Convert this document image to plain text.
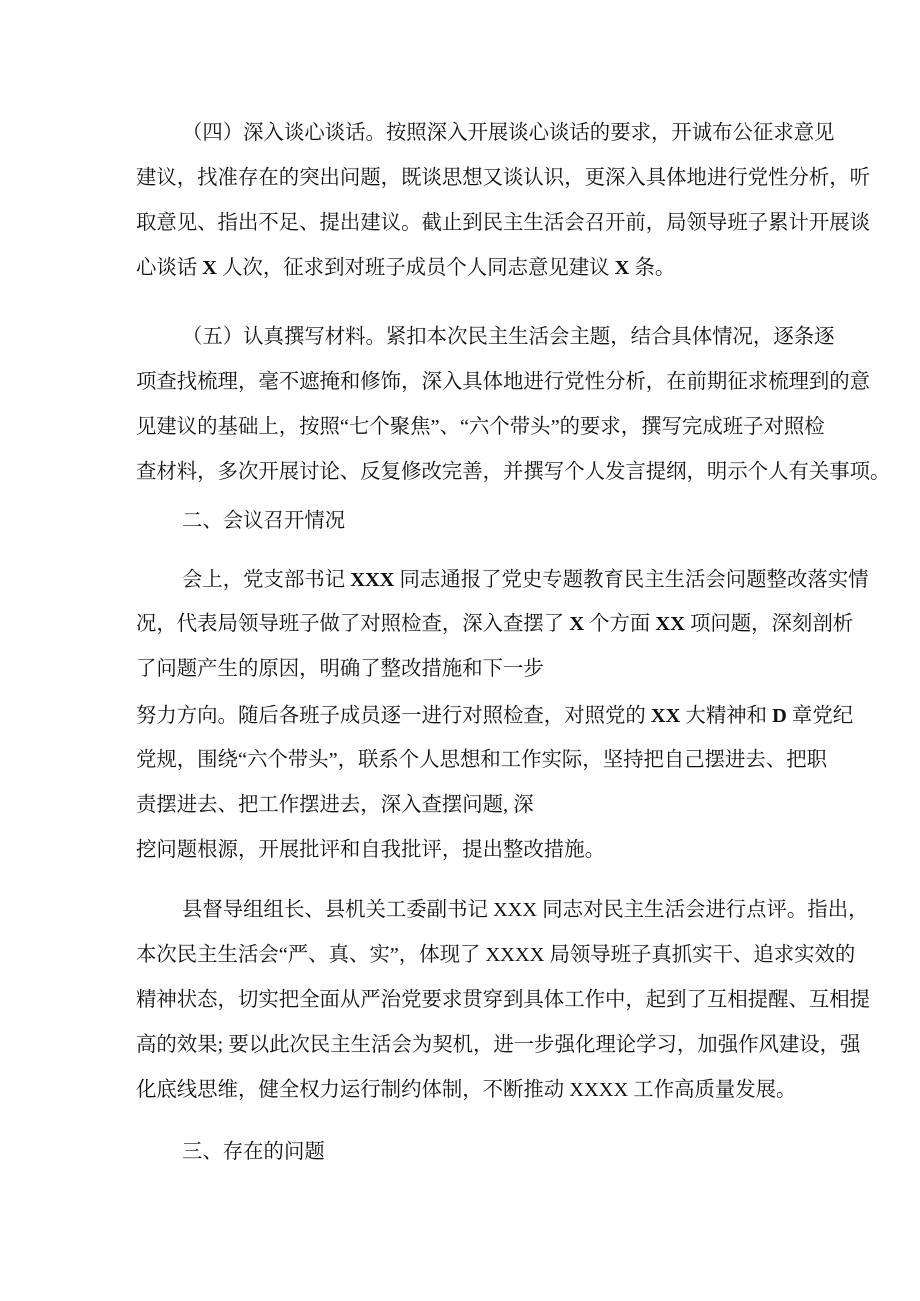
（四）深入谈心谈话。按照深入开展谈心谈话的要求，开诚布公征求意见
建议，找准存在的突出问题，既谈思想又谈认识，更深入具体地进行党性分析，听
取意见、指出不足、提出建议。截止到民主生活会召开前，局领导班子累计开展谈
心谈话 X 人次，征求到对班子成员个人同志意见建议 X 条。
（五）认真撰写材料。紧扣本次民主生活会主题，结合具体情况，逐条逐
项查找梳理，毫不遮掩和修饰，深入具体地进行党性分析，在前期征求梳理到的意
见建议的基础上，按照“七个聚焦”、“六个带头”的要求，撰写完成班子对照检
查材料，多次开展讨论、反复修改完善，并撰写个人发言提纲，明示个人有关事项。
二、会议召开情况
会上，党支部书记 XXX 同志通报了党史专题教育民主生活会问题整改落实情
况，代表局领导班子做了对照检查，深入查摆了 X 个方面 XX 项问题，深刻剖析
了问题产生的原因，明确了整改措施和下一步
努力方向。随后各班子成员逐一进行对照检查，对照党的 XX 大精神和 D 章党纪
党规，围绕“六个带头”，联系个人思想和工作实际，坚持把自己摆进去、把职
责摆进去、把工作摆进去，深入查摆问题, 深
挖问题根源，开展批评和自我批评，提出整改措施。
县督导组组长、县机关工委副书记 XXX 同志对民主生活会进行点评。指出，
本次民主生活会“严、真、实”，体现了 XXXX 局领导班子真抓实干、追求实效的
精神状态，切实把全面从严治党要求贯穿到具体工作中，起到了互相提醒、互相提
高的效果; 要以此次民主生活会为契机，进一步强化理论学习，加强作风建设，强
化底线思维，健全权力运行制约体制，不断推动 XXXX 工作高质量发展。
三、存在的问题
